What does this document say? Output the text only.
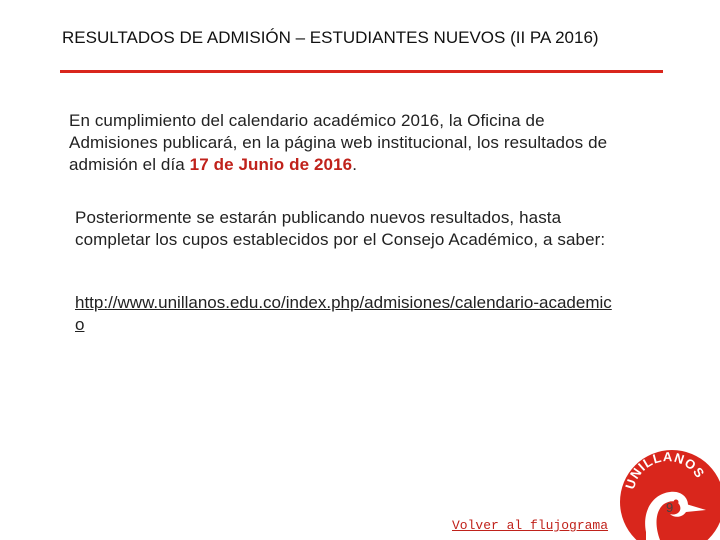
RESULTADOS DE ADMISIÓN – ESTUDIANTES NUEVOS (II PA 2016)

En cumplimiento del calendario académico 2016, la Oficina de Admisiones publicará, en la página web institucional, los resultados de admisión el día 17 de Junio de 2016.

Posteriormente se estarán publicando nuevos resultados, hasta completar los cupos establecidos por el Consejo Académico, a saber:

http://www.unillanos.edu.co/index.php/admisiones/calendario-academico
UNILLANOS
9
Volver al flujograma
